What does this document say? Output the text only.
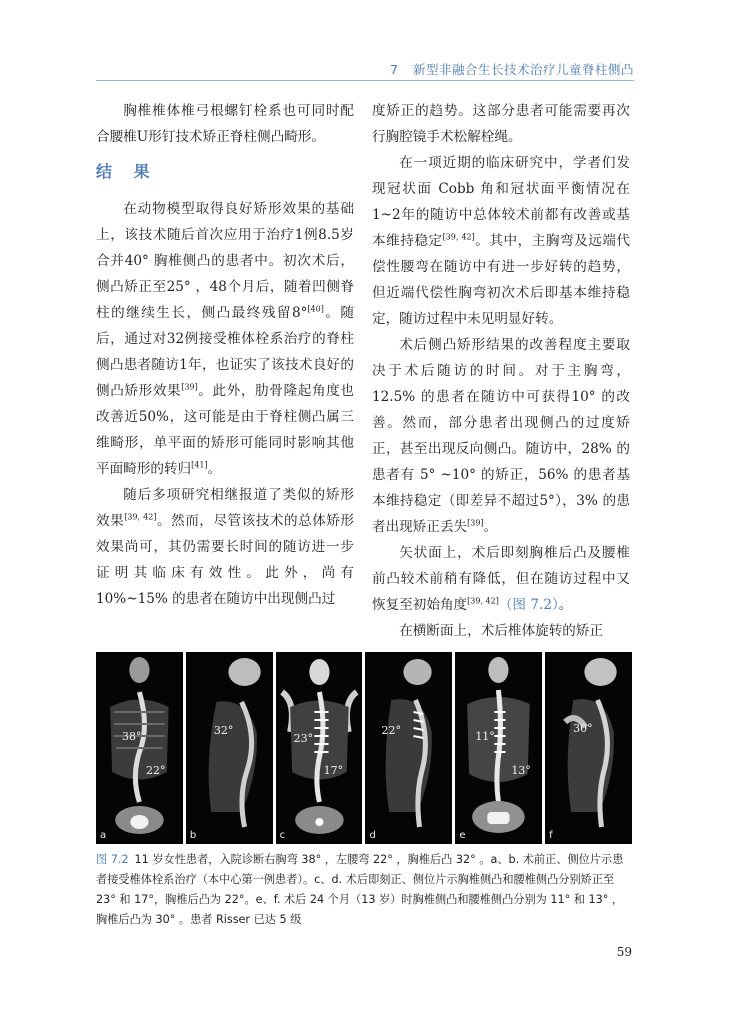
7 新型非融合生长技术治疗儿童脊柱侧凸

胸椎椎体椎弓根螺钉栓系也可同时配合腰椎U形钉技术矫正脊柱侧凸畸形。

结 果

在动物模型取得良好矫形效果的基础上，该技术随后首次应用于治疗1例8.5岁合并40° 胸椎侧凸的患者中。初次术后，侧凸矫正至25° ，48个月后，随着凹侧脊柱的继续生长，侧凸最终残留8°[40]。随后，通过对32例接受椎体栓系治疗的脊柱侧凸患者随访1年，也证实了该技术良好的侧凸矫形效果[39]。此外，肋骨隆起角度也改善近50%，这可能是由于脊柱侧凸属三维畸形，单平面的矫形可能同时影响其他平面畸形的转归[41]。

随后多项研究相继报道了类似的矫形效果[39, 42]。然而，尽管该技术的总体矫形效果尚可，其仍需要长时间的随访进一步证明其临床有效性。此外，尚有10%~15% 的患者在随访中出现侧凸过

度矫正的趋势。这部分患者可能需要再次行胸腔镜手术松解栓绳。

在一项近期的临床研究中，学者们发现冠状面 Cobb 角和冠状面平衡情况在1~2年的随访中总体较术前都有改善或基本维持稳定[39, 42]。其中，主胸弯及远端代偿性腰弯在随访中有进一步好转的趋势，但近端代偿性胸弯初次术后即基本维持稳定，随访过程中未见明显好转。

术后侧凸矫形结果的改善程度主要取决于术后随访的时间。对于主胸弯，12.5% 的患者在随访中可获得10° 的改善。然而，部分患者出现侧凸的过度矫正，甚至出现反向侧凸。随访中，28% 的患者有 5° ~10° 的矫正，56% 的患者基本维持稳定（即差异不超过5°），3% 的患者出现矫正丢失[39]。

矢状面上，术后即刻胸椎后凸及腰椎前凸较术前稍有降低，但在随访过程中又恢复至初始角度[39, 42]（图 7.2）。

在横断面上，术后椎体旋转的矫正

38°
22°
a
32°
b
23°
17°
c
22°
d
11°
13°
e
30°
f
图 7.2 11 岁女性患者，入院诊断右胸弯 38° ，左腰弯 22° ，胸椎后凸 32° 。a、b. 术前正、侧位片示患者接受椎体栓系治疗（本中心第一例患者）。c、d. 术后即刻正、侧位片示胸椎侧凸和腰椎侧凸分别矫正至 23° 和 17°，胸椎后凸为 22°。e、f. 术后 24 个月（13 岁）时胸椎侧凸和腰椎侧凸分别为 11° 和 13° ，胸椎后凸为 30° 。患者 Risser 已达 5 级
59
